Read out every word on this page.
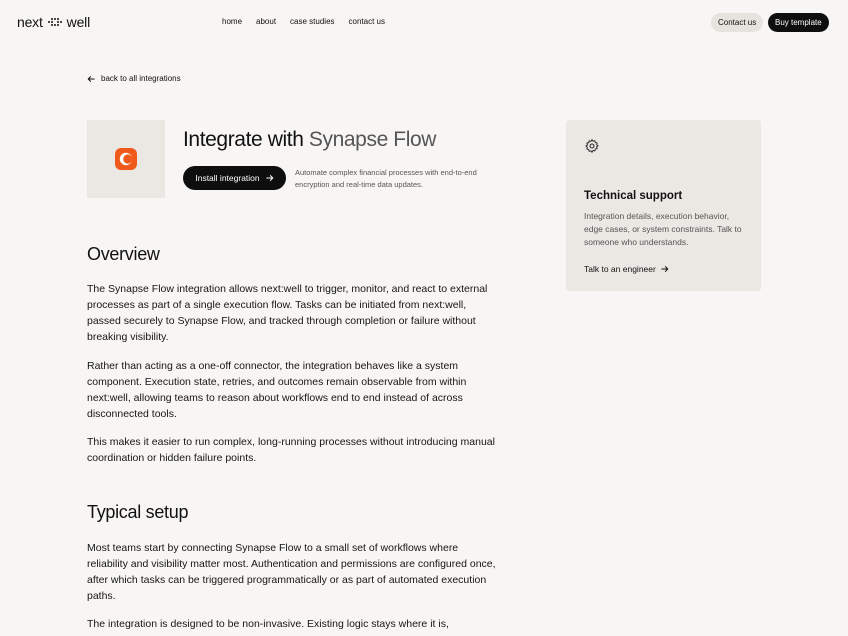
next well	home about case studies contact us	Contact us	Buy template
back to all integrations
Integrate with Synapse Flow
Install integration

Automate complex financial processes with end-to-end encryption and real-time data updates.

Overview

The Synapse Flow integration allows next:well to trigger, monitor, and react to external processes as part of a single execution flow. Tasks can be initiated from next:well, passed securely to Synapse Flow, and tracked through completion or failure without breaking visibility.

Rather than acting as a one-off connector, the integration behaves like a system component. Execution state, retries, and outcomes remain observable from within next:well, allowing teams to reason about workflows end to end instead of across disconnected tools.

This makes it easier to run complex, long-running processes without introducing manual coordination or hidden failure points.

Typical setup

Most teams start by connecting Synapse Flow to a small set of workflows where reliability and visibility matter most. Authentication and permissions are configured once, after which tasks can be triggered programmatically or as part of automated execution paths.

The integration is designed to be non-invasive. Existing logic stays where it is,

Technical support

Integration details, execution behavior, edge cases, or system constraints. Talk to someone who understands.

Talk to an engineer
